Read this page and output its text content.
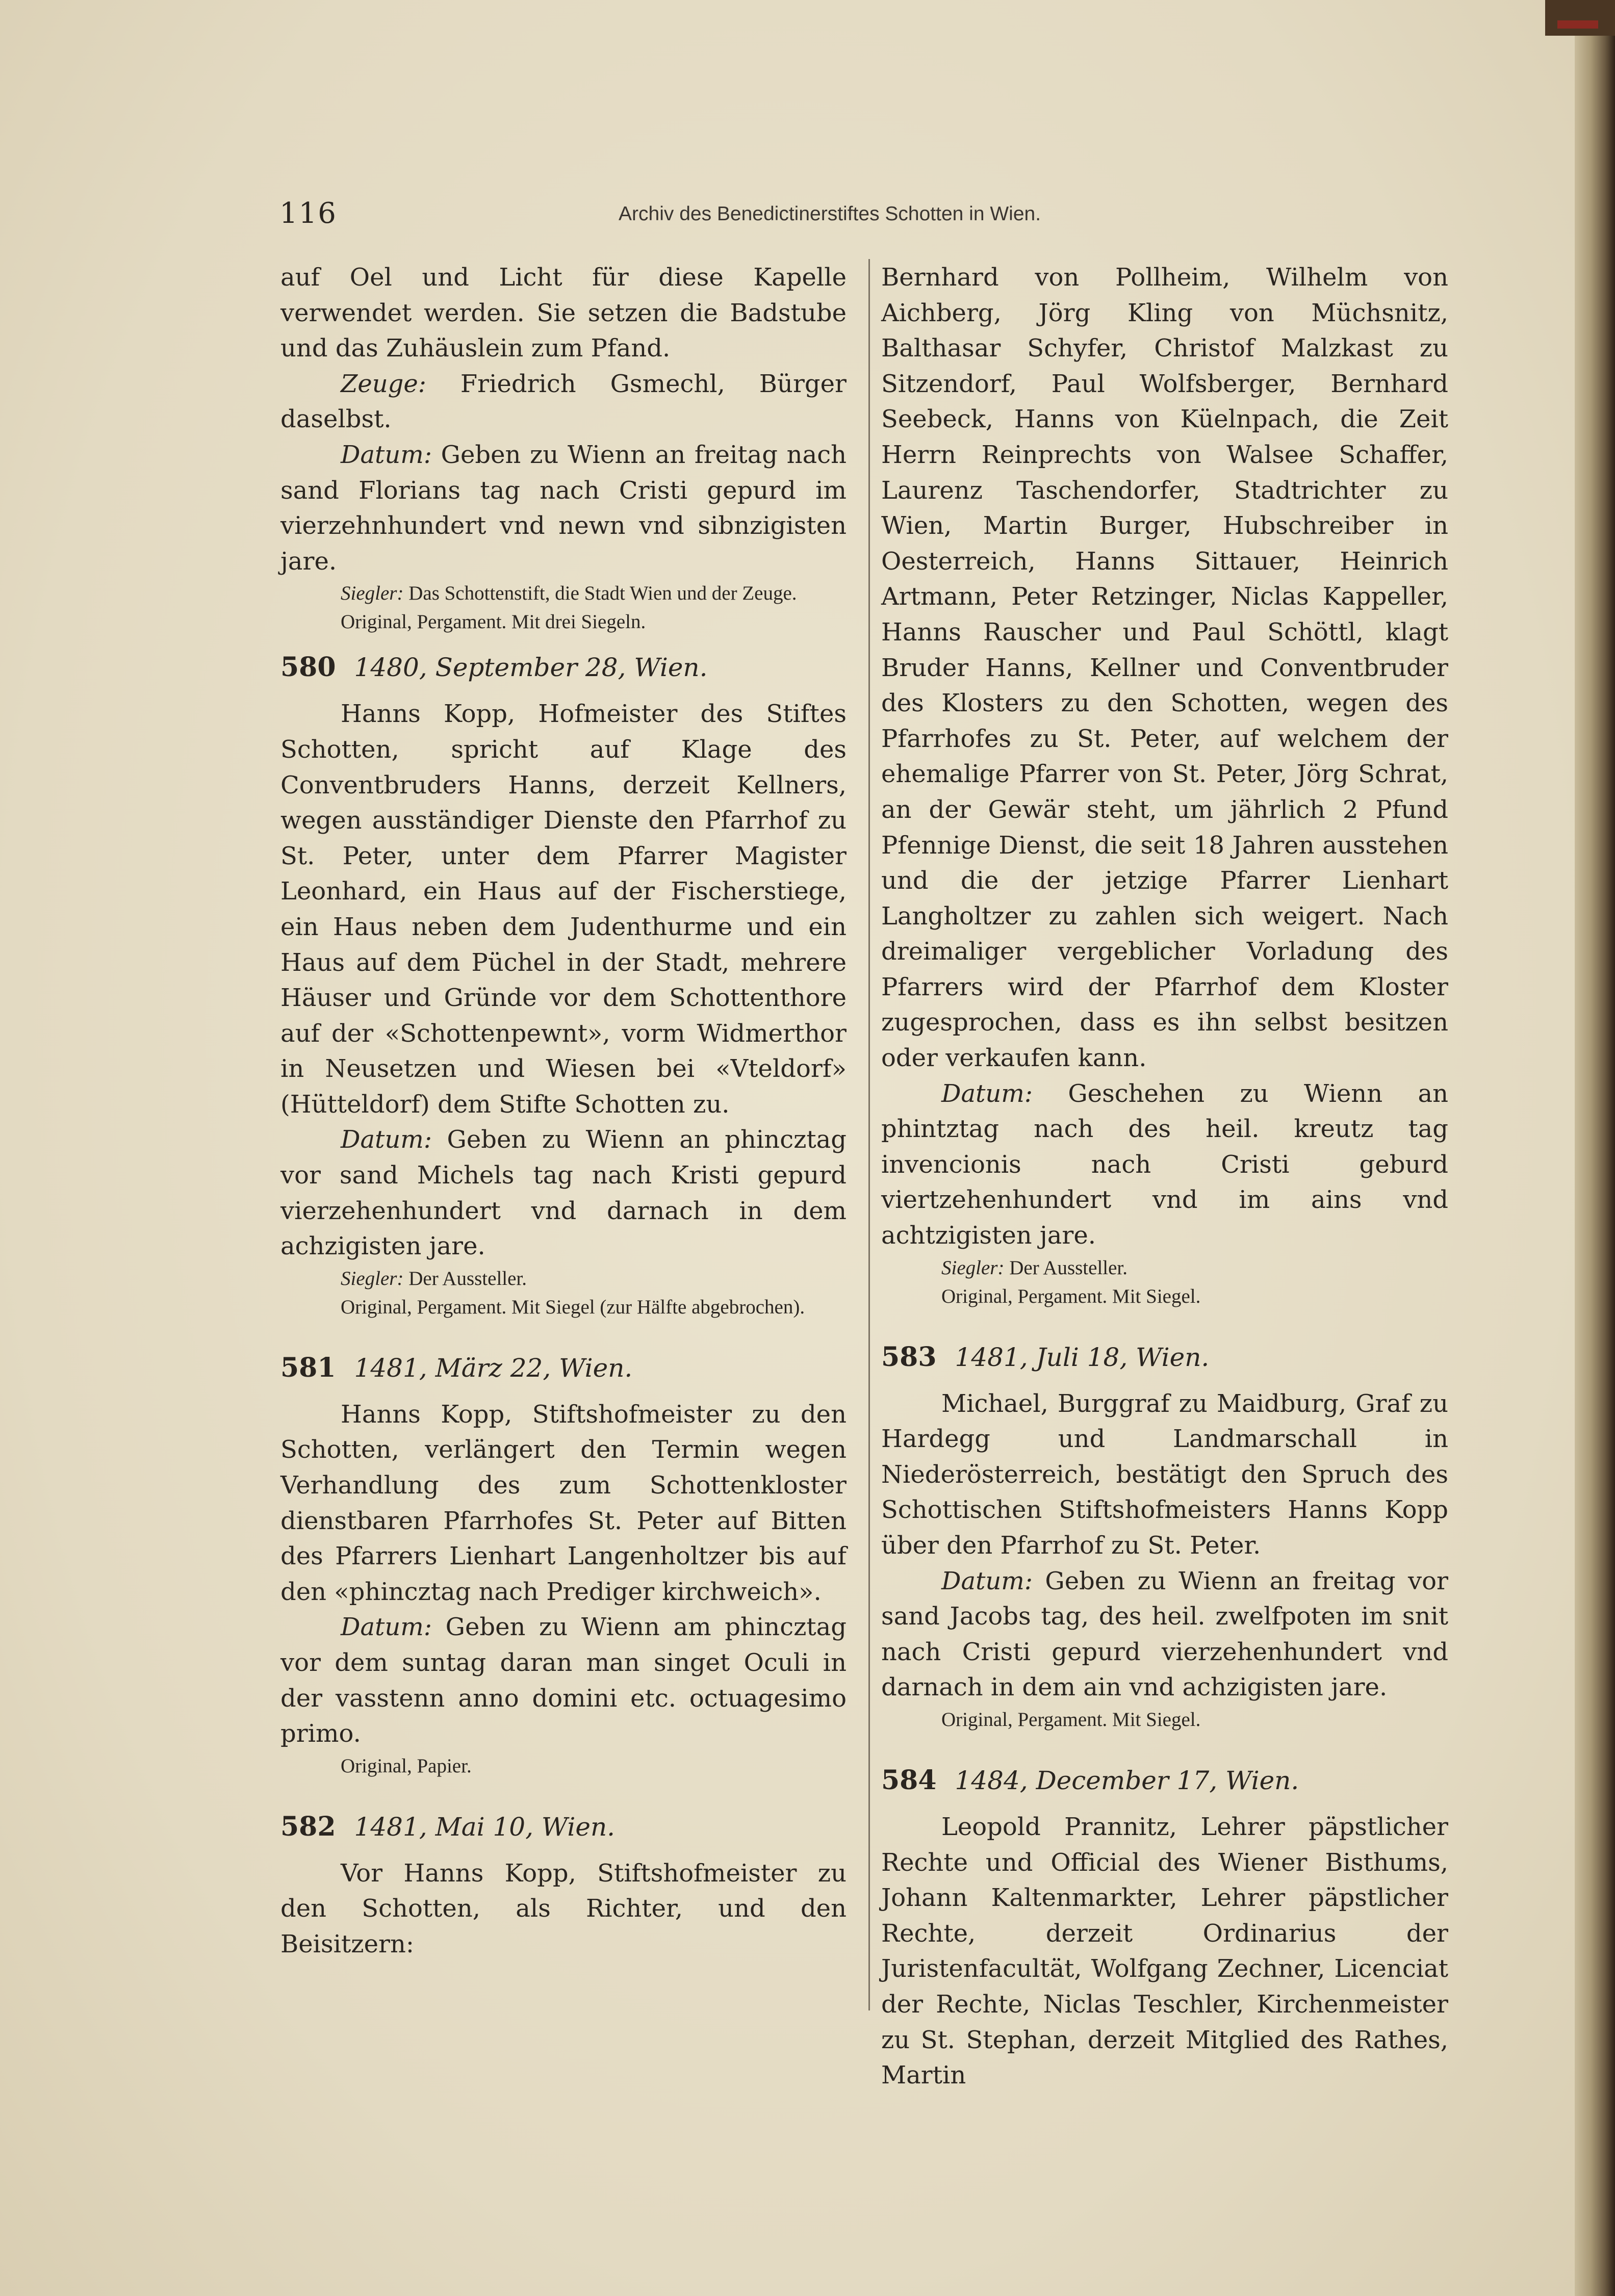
116	Archiv des Benedictinerstiftes Schotten in Wien.

auf Oel und Licht für diese Kapelle verwendet werden. Sie setzen die Badstube und das Zuhäuslein zum Pfand.

Zeuge: Friedrich Gsmechl, Bürger daselbst.

Datum: Geben zu Wienn an freitag nach sand Florians tag nach Cristi gepurd im vierzehnhundert vnd newn vnd sibnzigisten jare.

Siegler: Das Schottenstift, die Stadt Wien und der Zeuge.

Original, Pergament. Mit drei Siegeln.

580 1480, September 28, Wien.

Hanns Kopp, Hofmeister des Stiftes Schotten, spricht auf Klage des Conventbruders Hanns, derzeit Kellners, wegen ausständiger Dienste den Pfarrhof zu St. Peter, unter dem Pfarrer Magister Leonhard, ein Haus auf der Fischerstiege, ein Haus neben dem Judenthurme und ein Haus auf dem Püchel in der Stadt, mehrere Häuser und Gründe vor dem Schottenthore auf der «Schottenpewnt», vorm Widmerthor in Neusetzen und Wiesen bei «Vteldorf» (Hütteldorf) dem Stifte Schotten zu.

Datum: Geben zu Wienn an phincztag vor sand Michels tag nach Kristi gepurd vierzehenhundert vnd darnach in dem achzigisten jare.

Siegler: Der Aussteller.

Original, Pergament. Mit Siegel (zur Hälfte abgebrochen).

581 1481, März 22, Wien.

Hanns Kopp, Stiftshofmeister zu den Schotten, verlängert den Termin wegen Verhandlung des zum Schottenkloster dienstbaren Pfarrhofes St. Peter auf Bitten des Pfarrers Lienhart Langenholtzer bis auf den «phincztag nach Prediger kirchweich».

Datum: Geben zu Wienn am phincztag vor dem suntag daran man singet Oculi in der vasstenn anno domini etc. octuagesimo primo.

Original, Papier.

582 1481, Mai 10, Wien.

Vor Hanns Kopp, Stiftshofmeister zu den Schotten, als Richter, und den Beisitzern:

Bernhard von Pollheim, Wilhelm von Aichberg, Jörg Kling von Müchsnitz, Balthasar Schyfer, Christof Malzkast zu Sitzendorf, Paul Wolfsberger, Bernhard Seebeck, Hanns von Küelnpach, die Zeit Herrn Reinprechts von Walsee Schaffer, Laurenz Taschendorfer, Stadtrichter zu Wien, Martin Burger, Hubschreiber in Oesterreich, Hanns Sittauer, Heinrich Artmann, Peter Retzinger, Niclas Kappeller, Hanns Rauscher und Paul Schöttl, klagt Bruder Hanns, Kellner und Conventbruder des Klosters zu den Schotten, wegen des Pfarrhofes zu St. Peter, auf welchem der ehemalige Pfarrer von St. Peter, Jörg Schrat, an der Gewär steht, um jährlich 2 Pfund Pfennige Dienst, die seit 18 Jahren ausstehen und die der jetzige Pfarrer Lienhart Langholtzer zu zahlen sich weigert. Nach dreimaliger vergeblicher Vorladung des Pfarrers wird der Pfarrhof dem Kloster zugesprochen, dass es ihn selbst besitzen oder verkaufen kann.

Datum: Geschehen zu Wienn an phintztag nach des heil. kreutz tag invencionis nach Cristi geburd viertzehenhundert vnd im ains vnd achtzigisten jare.

Siegler: Der Aussteller.

Original, Pergament. Mit Siegel.

583 1481, Juli 18, Wien.

Michael, Burggraf zu Maidburg, Graf zu Hardegg und Landmarschall in Niederösterreich, bestätigt den Spruch des Schottischen Stiftshofmeisters Hanns Kopp über den Pfarrhof zu St. Peter.

Datum: Geben zu Wienn an freitag vor sand Jacobs tag, des heil. zwelfpoten im snit nach Cristi gepurd vierzehenhundert vnd darnach in dem ain vnd achzigisten jare.

Original, Pergament. Mit Siegel.

584 1484, December 17, Wien.

Leopold Prannitz, Lehrer päpstlicher Rechte und Official des Wiener Bisthums, Johann Kaltenmarkter, Lehrer päpstlicher Rechte, derzeit Ordinarius der Juristenfacultät, Wolfgang Zechner, Licenciat der Rechte, Niclas Teschler, Kirchenmeister zu St. Stephan, derzeit Mitglied des Rathes, Martin
